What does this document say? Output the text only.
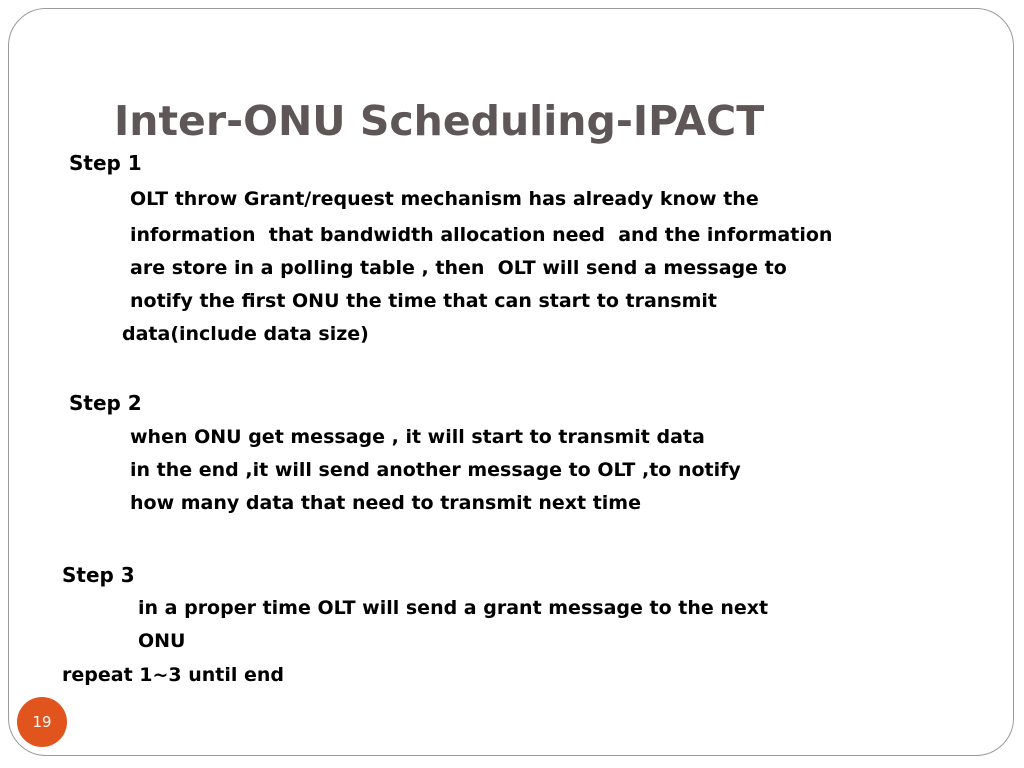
Inter-ONU Scheduling-IPACT

Step 1

OLT throw Grant/request mechanism has already know the

information  that bandwidth allocation need  and the information

are store in a polling table , then  OLT will send a message to

notify the first ONU the time that can start to transmit

data(include data size)

Step 2

when ONU get message , it will start to transmit data

in the end ,it will send another message to OLT ,to notify

how many data that need to transmit next time

Step 3

in a proper time OLT will send a grant message to the next

ONU

repeat 1~3 until end

19
